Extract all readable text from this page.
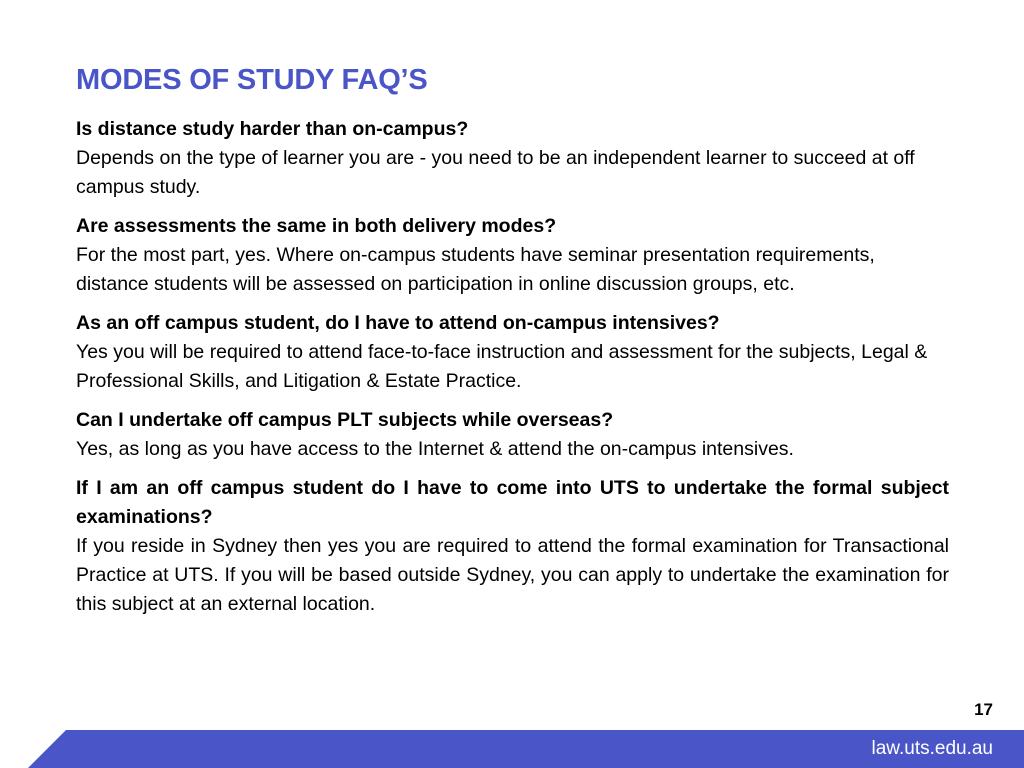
MODES OF STUDY FAQ’S

Is distance study harder than on-campus?

Depends on the type of learner you are - you need to be an independent learner to succeed at off campus study.

Are assessments the same in both delivery modes?

For the most part, yes. Where on-campus students have seminar presentation requirements, distance students will be assessed on participation in online discussion groups, etc.

As an off campus student, do I have to attend on-campus intensives?

Yes you will be required to attend face-to-face instruction and assessment for the subjects, Legal & Professional Skills, and Litigation & Estate Practice.

Can I undertake off campus PLT subjects while overseas?

Yes, as long as you have access to the Internet & attend the on-campus intensives.

If I am an off campus student do I have to come into UTS to undertake the formal subject examinations?

If you reside in Sydney then yes you are required to attend the formal examination for Transactional Practice at UTS. If you will be based outside Sydney, you can apply to undertake the examination for this subject at an external location.

17
law.uts.edu.au
